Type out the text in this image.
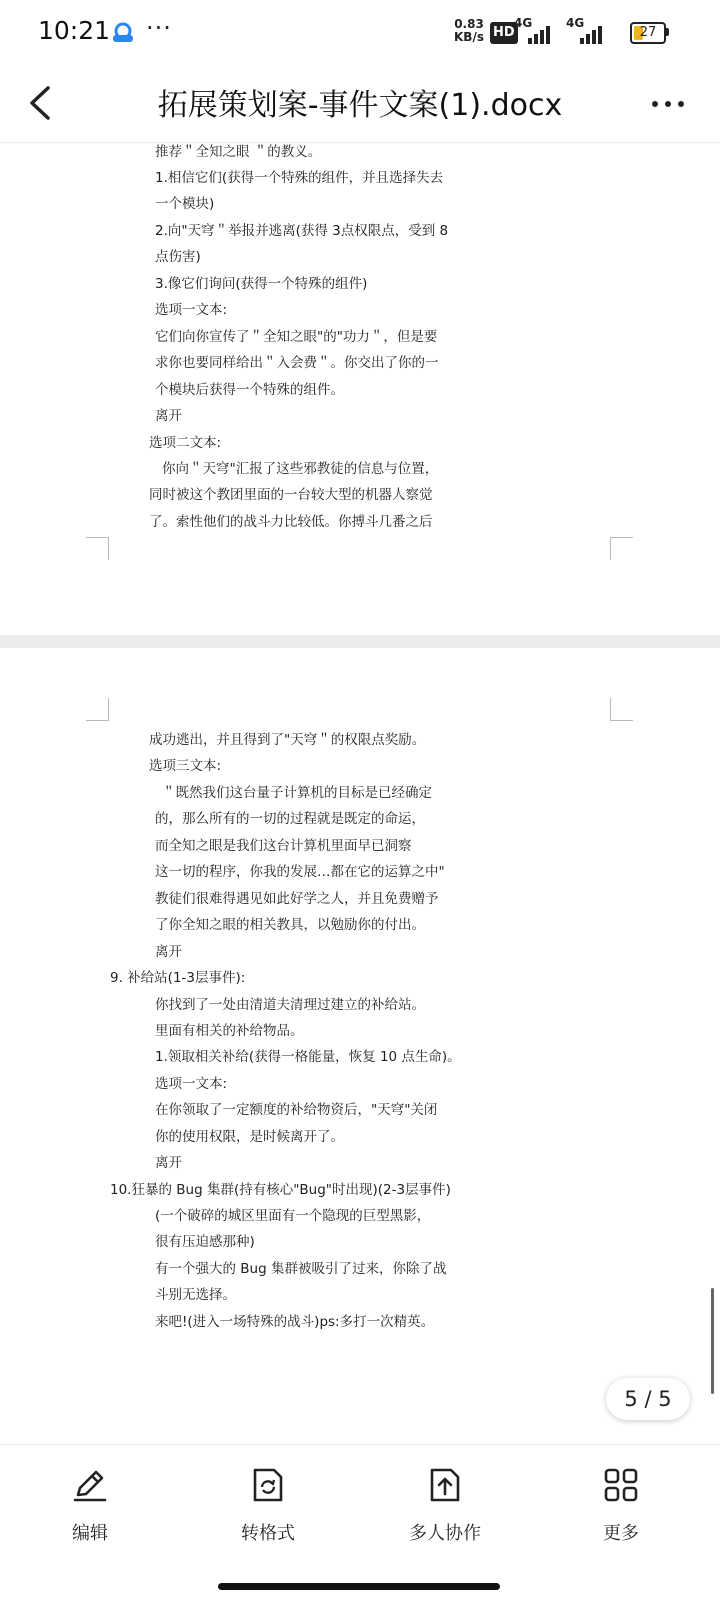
10:21 ···	0.83
KB/s HD
4G	4G
27
拓展策划案-事件文案(1).docx
推荐＂全知之眼 ＂的教义。
1.相信它们(获得一个特殊的组件，并且选择失去
一个模块)
2.向"天穹＂举报并逃离(获得 3点权限点，受到 8
点伤害)
3.像它们询问(获得一个特殊的组件)
选项一文本:
它们向你宣传了＂全知之眼"的"功力＂，但是要
求你也要同样给出＂入会费＂。你交出了你的一
个模块后获得一个特殊的组件。
离开
选项二文本:
你向＂天穹"汇报了这些邪教徒的信息与位置，
同时被这个教团里面的一台较大型的机器人察觉
了。索性他们的战斗力比较低。你搏斗几番之后
成功逃出，并且得到了"天穹＂的权限点奖励。
选项三文本:
＂既然我们这台量子计算机的目标是已经确定
的，那么所有的一切的过程就是既定的命运，
而全知之眼是我们这台计算机里面早已洞察
这一切的程序，你我的发展…都在它的运算之中"
教徒们很难得遇见如此好学之人，并且免费赠予
了你全知之眼的相关教具，以勉励你的付出。
离开
9. 补给站(1-3层事件):
你找到了一处由清道夫清理过建立的补给站。
里面有相关的补给物品。
1.领取相关补给(获得一格能量，恢复 10 点生命)。
选项一文本:
在你领取了一定额度的补给物资后，"天穹"关闭
你的使用权限，是时候离开了。
离开
10.狂暴的 Bug 集群(持有核心"Bug"时出现)(2-3层事件)
(一个破碎的城区里面有一个隐现的巨型黑影，
很有压迫感那种)
有一个强大的 Bug 集群被吸引了过来，你除了战
斗别无选择。
来吧!(进入一场特殊的战斗)ps:多打一次精英。
5 / 5
编辑	转格式	多人协作	更多
